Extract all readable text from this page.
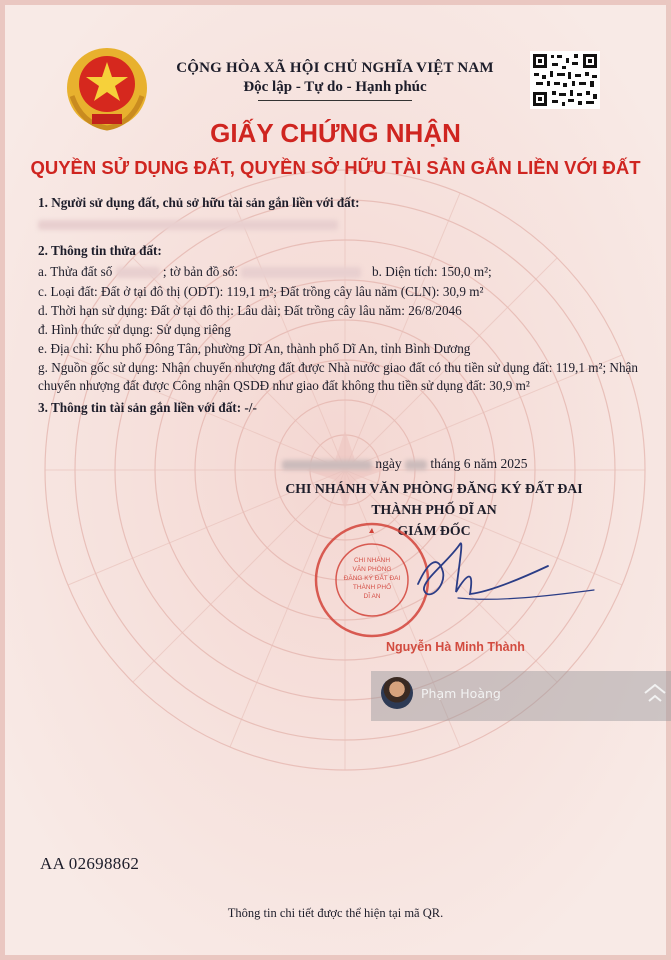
CỘNG HÒA XÃ HỘI CHỦ NGHĨA VIỆT NAM
Độc lập - Tự do - Hạnh phúc
GIẤY CHỨNG NHẬN
QUYỀN SỬ DỤNG ĐẤT, QUYỀN SỞ HỮU TÀI SẢN GẮN LIỀN VỚI ĐẤT
1. Người sử dụng đất, chủ sở hữu tài sản gắn liền với đất:
2. Thông tin thửa đất:
a. Thửa đất số	; tờ bản đồ số:	b. Diện tích: 150,0 m²;
c. Loại đất: Đất ở tại đô thị (ODT): 119,1 m²; Đất trồng cây lâu năm (CLN): 30,9 m²
d. Thời hạn sử dụng: Đất ở tại đô thị: Lâu dài; Đất trồng cây lâu năm: 26/8/2046
đ. Hình thức sử dụng: Sử dụng riêng
e. Địa chỉ: Khu phố Đông Tân, phường Dĩ An, thành phố Dĩ An, tỉnh Bình Dương
g. Nguồn gốc sử dụng: Nhận chuyển nhượng đất được Nhà nước giao đất có thu tiền sử dụng đất: 119,1 m²; Nhận
chuyển nhượng đất được Công nhận QSDĐ như giao đất không thu tiền sử dụng đất: 30,9 m²
3. Thông tin tài sản gắn liền với đất: -/-
ngày tháng 6 năm 2025
CHI NHÁNH VĂN PHÒNG ĐĂNG KÝ ĐẤT ĐAI
THÀNH PHỐ DĨ AN
GIÁM ĐỐC
CHI NHÁNH
VĂN PHÒNG
ĐĂNG KÝ ĐẤT ĐAI
THÀNH PHỐ
DĨ AN
Nguyễn Hà Minh Thành
Phạm Hoàng
AA 02698862
Thông tin chi tiết được thể hiện tại mã QR.
